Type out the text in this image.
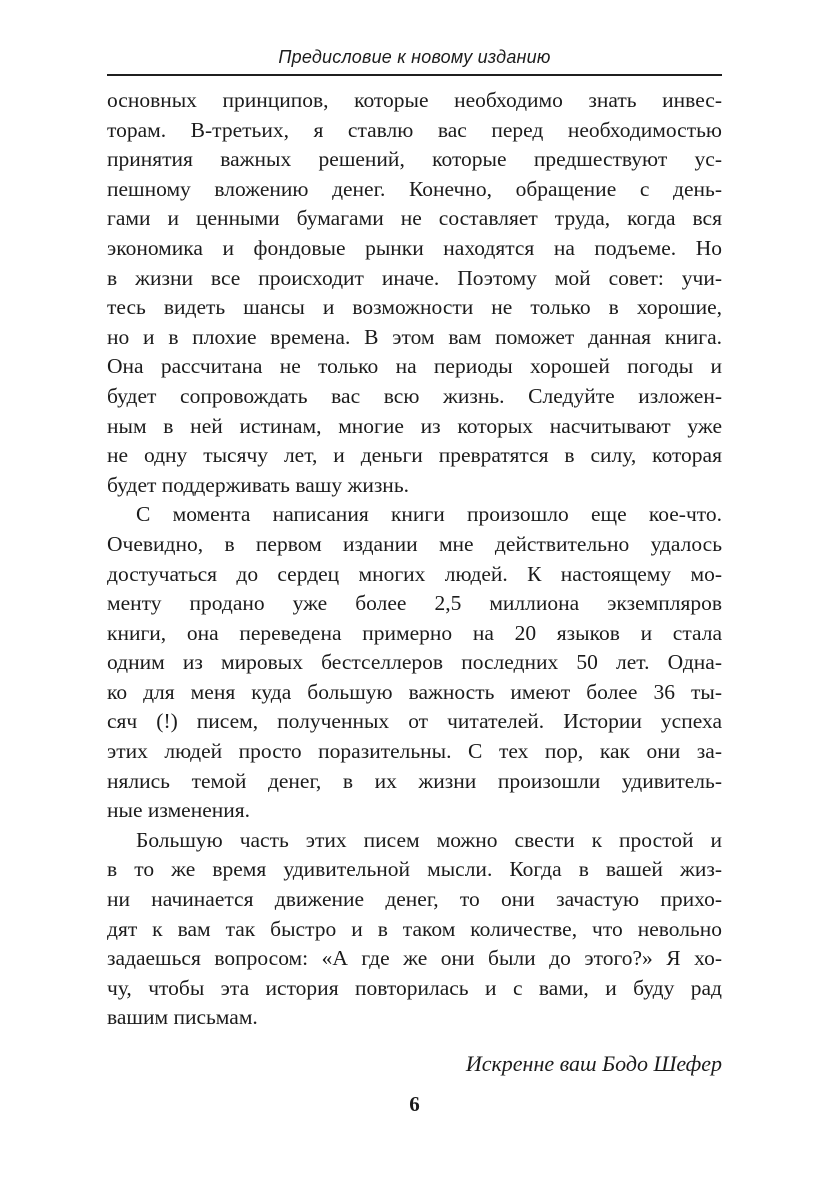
Предисловие к новому изданию
основных принципов, которые необходимо знать инвес-
торам. В-третьих, я ставлю вас перед необходимостью
принятия важных решений, которые предшествуют ус-
пешному вложению денег. Конечно, обращение с день-
гами и ценными бумагами не составляет труда, когда вся
экономика и фондовые рынки находятся на подъеме. Но
в жизни все происходит иначе. Поэтому мой совет: учи-
тесь видеть шансы и возможности не только в хорошие,
но и в плохие времена. В этом вам поможет данная книга.
Она рассчитана не только на периоды хорошей погоды и
будет сопровождать вас всю жизнь. Следуйте изложен-
ным в ней истинам, многие из которых насчитывают уже
не одну тысячу лет, и деньги превратятся в силу, которая
будет поддерживать вашу жизнь.
С момента написания книги произошло еще кое-что.
Очевидно, в первом издании мне действительно удалось
достучаться до сердец многих людей. К настоящему мо-
менту продано уже более 2,5 миллиона экземпляров
книги, она переведена примерно на 20 языков и стала
одним из мировых бестселлеров последних 50 лет. Одна-
ко для меня куда большую важность имеют более 36 ты-
сяч (!) писем, полученных от читателей. Истории успеха
этих людей просто поразительны. С тех пор, как они за-
нялись темой денег, в их жизни произошли удивитель-
ные изменения.
Большую часть этих писем можно свести к простой и
в то же время удивительной мысли. Когда в вашей жиз-
ни начинается движение денег, то они зачастую прихо-
дят к вам так быстро и в таком количестве, что невольно
задаешься вопросом: «А где же они были до этого?» Я хо-
чу, чтобы эта история повторилась и с вами, и буду рад
вашим письмам.
Искренне ваш Бодо Шефер
6
